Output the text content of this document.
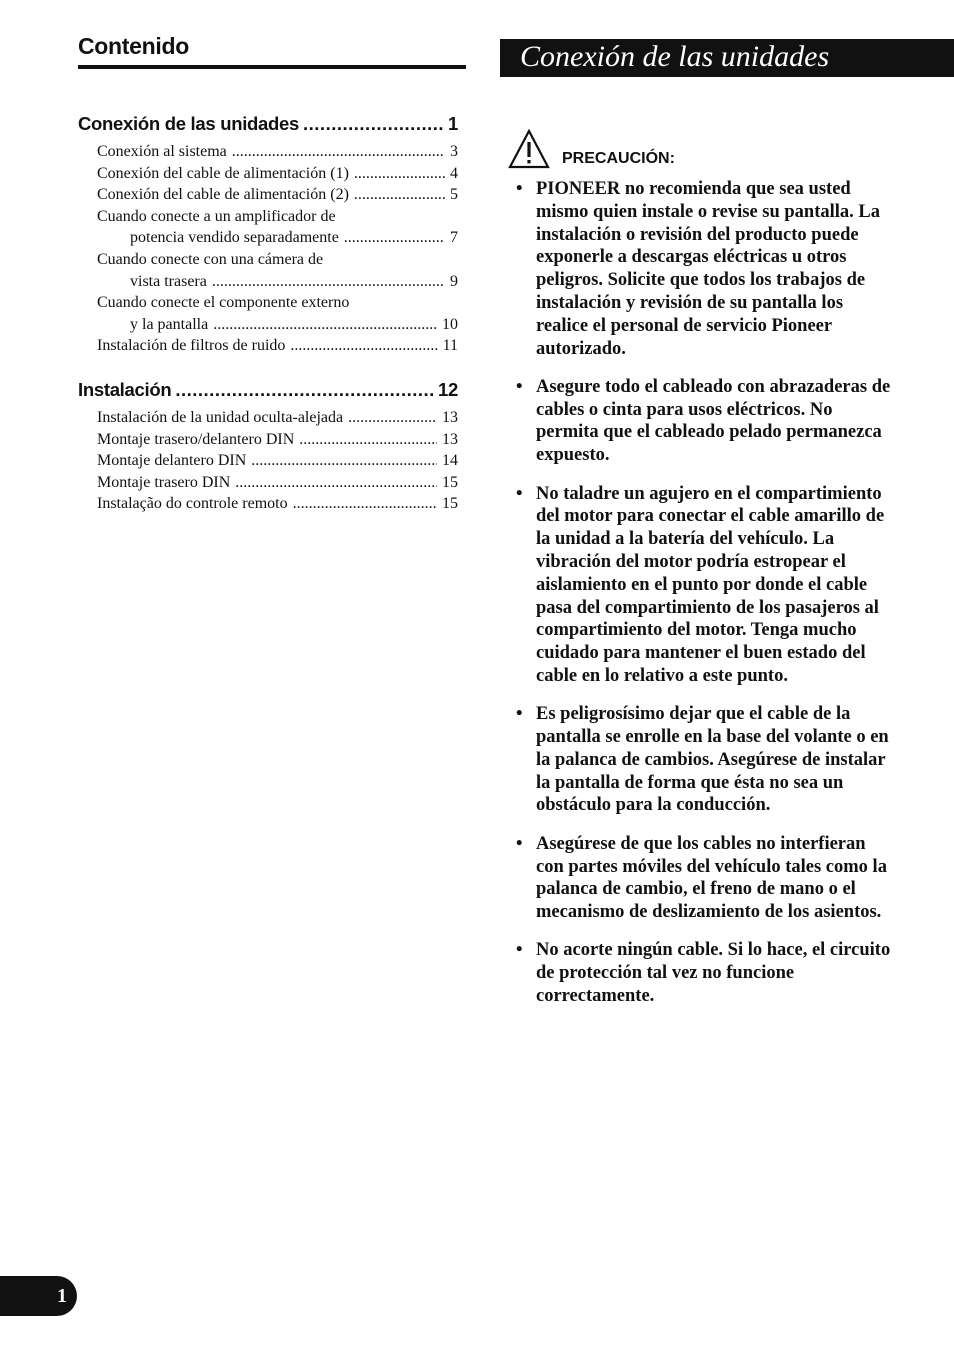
Contenido
Conexión de las unidades .....	1
Conexión al sistema .....	3
Conexión del cable de alimentación (1) .....	4
Conexión del cable de alimentación (2) .....	5
Cuando conecte a un amplificador de
potencia vendido separadamente .....	7
Cuando conecte con una cámera de
vista trasera .....	9
Cuando conecte el componente externo
y la pantalla .....	10
Instalación de filtros de ruido .....	11
Instalación .....	12
Instalación de la unidad oculta-alejada .....	13
Montaje trasero/delantero DIN .....	13
Montaje delantero DIN .....	14
Montaje trasero DIN .....	15
Instalação do controle remoto .....	15
Conexión de las unidades
PRECAUCIÓN:
• PIONEER no recomienda que sea usted mismo quien instale o revise su pantalla. La instalación o revisión del producto puede exponerle a descargas eléctricas u otros peligros. Solicite que todos los trabajos de instalación y revisión de su pantalla los realice el personal de servicio Pioneer autorizado.
• Asegure todo el cableado con abrazaderas de cables o cinta para usos eléctricos. No permita que el cableado pelado permanezca expuesto.
• No taladre un agujero en el compartimiento del motor para conectar el cable amarillo de la unidad a la batería del vehículo. La vibración del motor podría estropear el aislamiento en el punto por donde el cable pasa del compartimiento de los pasajeros al compartimiento del motor. Tenga mucho cuidado para mantener el buen estado del cable en lo relativo a este punto.
• Es peligrosísimo dejar que el cable de la pantalla se enrolle en la base del volante o en la palanca de cambios. Asegúrese de instalar la pantalla de forma que ésta no sea un obstáculo para la conducción.
• Asegúrese de que los cables no interfieran con partes móviles del vehículo tales como la palanca de cambio, el freno de mano o el mecanismo de deslizamiento de los asientos.
• No acorte ningún cable. Si lo hace, el circuito de protección tal vez no funcione correctamente.
1
